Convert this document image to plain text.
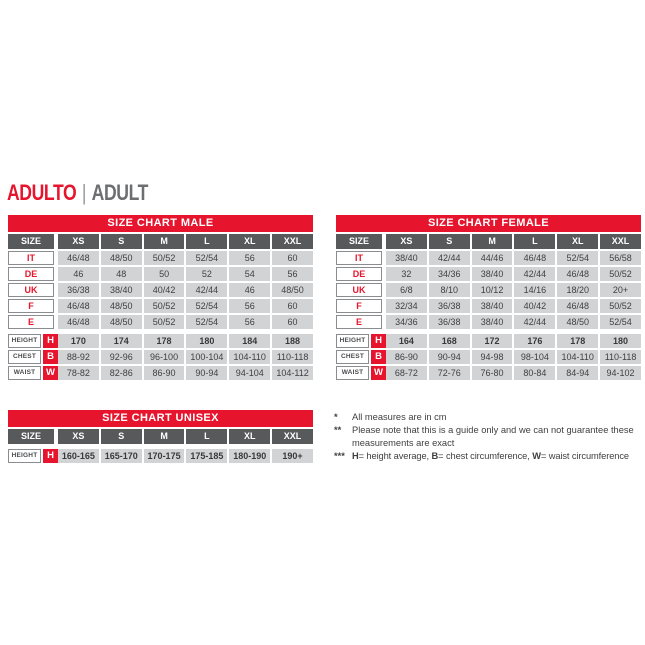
ADULTO | ADULT
SIZE CHART MALE
SIZE	XS	S	M	L	XL	XXL
IT	46/48	48/50	50/52	52/54	56	60
DE	46	48	50	52	54	56
UK	36/38	38/40	40/42	42/44	46	48/50
F	46/48	48/50	50/52	52/54	56	60
E	46/48	48/50	50/52	52/54	56	60
HEIGHT	H	170	174	178	180	184	188
CHEST	B	88-92	92-96	96-100	100-104	104-110	110-118
WAIST	W	78-82	82-86	86-90	90-94	94-104	104-112
SIZE CHART FEMALE
SIZE	XS	S	M	L	XL	XXL
IT	38/40	42/44	44/46	46/48	52/54	56/58
DE	32	34/36	38/40	42/44	46/48	50/52
UK	6/8	8/10	10/12	14/16	18/20	20+
F	32/34	36/38	38/40	40/42	46/48	50/52
E	34/36	36/38	38/40	42/44	48/50	52/54
HEIGHT	H	164	168	172	176	178	180
CHEST	B	86-90	90-94	94-98	98-104	104-110	110-118
WAIST	W	68-72	72-76	76-80	80-84	84-94	94-102
SIZE CHART UNISEX
SIZE	XS	S	M	L	XL	XXL
HEIGHT	H 160-165	165-170	170-175	175-185	180-190	190+
*	All measures are in cm
**	Please note that this is a guide only and we can not guarantee these measurements are exact
*** H= height average, B= chest circumference, W= waist circumference
